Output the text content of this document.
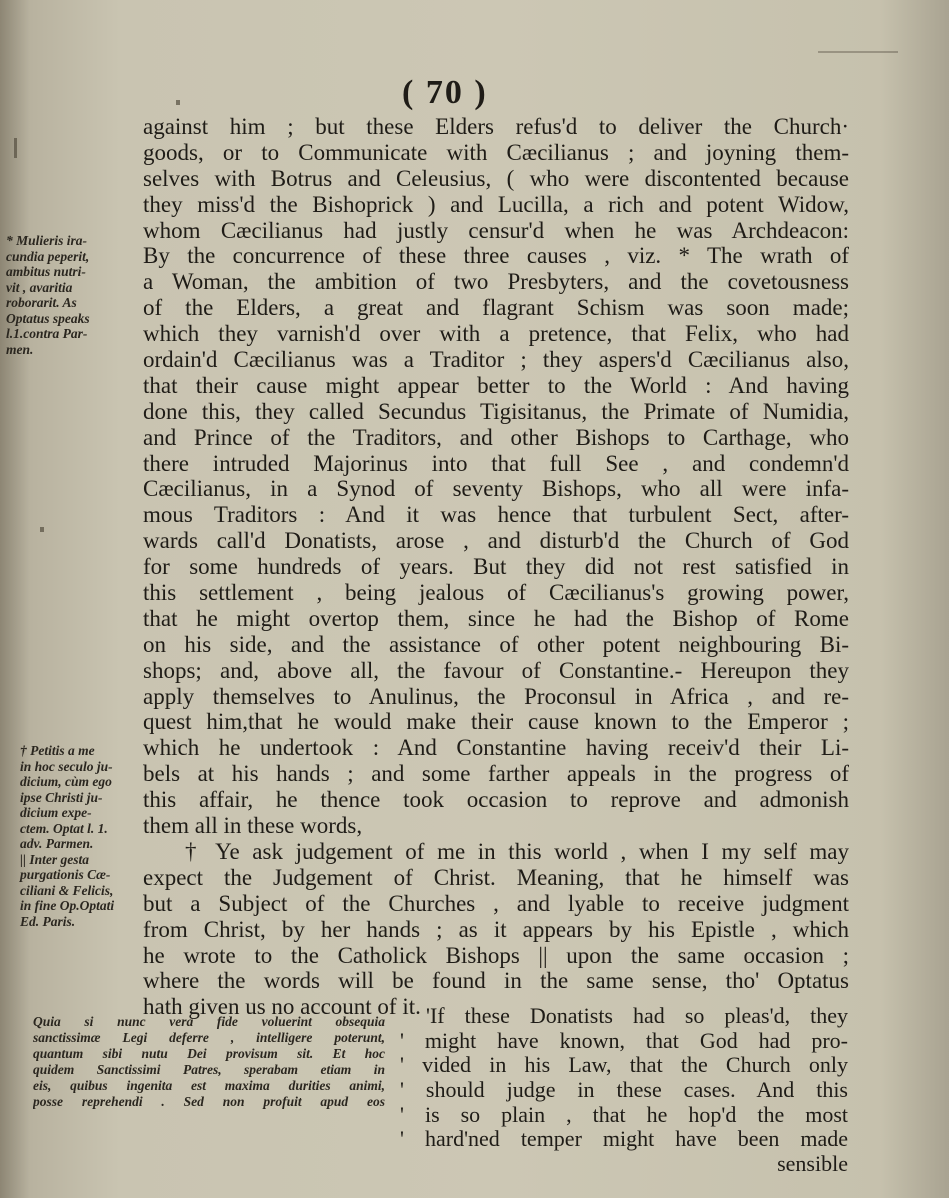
( 70 )
against him ; but these Elders refus'd to deliver the Church·
goods, or to Communicate with Cæcilianus ; and joyning them-
selves with Botrus and Celeusius, ( who were discontented because
they miss'd the Bishoprick ) and Lucilla, a rich and potent Widow,
whom Cæcilianus had justly censur'd when he was Archdeacon:
By the concurrence of these three causes , viz. * The wrath of
a Woman, the ambition of two Presbyters, and the covetousness
of the Elders, a great and flagrant Schism was soon made;
which they varnish'd over with a pretence, that Felix, who had
ordain'd Cæcilianus was a Traditor ; they aspers'd Cæcilianus also,
that their cause might appear better to the World : And having
done this, they called Secundus Tigisitanus, the Primate of Numidia,
and Prince of the Traditors, and other Bishops to Carthage, who
there intruded Majorinus into that full See , and condemn'd
Cæcilianus, in a Synod of seventy Bishops, who all were infa-
mous Traditors : And it was hence that turbulent Sect, after-
wards call'd Donatists, arose , and disturb'd the Church of God
for some hundreds of years. But they did not rest satisfied in
this settlement , being jealous of Cæcilianus's growing power,
that he might overtop them, since he had the Bishop of Rome
on his side, and the assistance of other potent neighbouring Bi-
shops; and, above all, the favour of Constantine.- Hereupon they
apply themselves to Anulinus, the Proconsul in Africa , and re-
quest him,that he would make their cause known to the Emperor ;
which he undertook : And Constantine having receiv'd their Li-
bels at his hands ; and some farther appeals in the progress of
this affair, he thence took occasion to reprove and admonish
them all in these words,
† Ye ask judgement of me in this world , when I my self may
expect the Judgement of Christ. Meaning, that he himself was
but a Subject of the Churches , and lyable to receive judgment
from Christ, by her hands ; as it appears by his Epistle , which
he wrote to the Catholick Bishops || upon the same occasion ;
where the words will be found in the same sense, tho' Optatus
hath given us no account of it.
* Mulieris ira-
cundia peperit,
ambitus nutri-
vit , avaritia
roborarit. As
Optatus speaks
l.1.contra Par-
men.
† Petitis a me
in hoc seculo ju-
dicium, cùm ego
ipse Christi ju-
dicium expe-
ctem. Optat l. 1.
adv. Parmen.
|| Inter gesta
purgationis Cæ-
ciliani & Felicis,
in fine Op.Optati
Ed. Paris.
Quia si nunc vera fide voluerint obsequia
sanctissimæ Legi deferre , intelligere poterunt,
quantum sibi nutu Dei provisum sit. Et hoc
quidem Sanctissimi Patres, sperabam etiam in
eis, quibus ingenita est maxima durities animi,
posse reprehendi . Sed non profuit apud eos
'If these Donatists had so pleas'd, they
' might have known, that God had pro-
' vided in his Law, that the Church only
' should judge in these cases. And this
' is so plain , that he hop'd the most
' hard'ned temper might have been made
sensible
